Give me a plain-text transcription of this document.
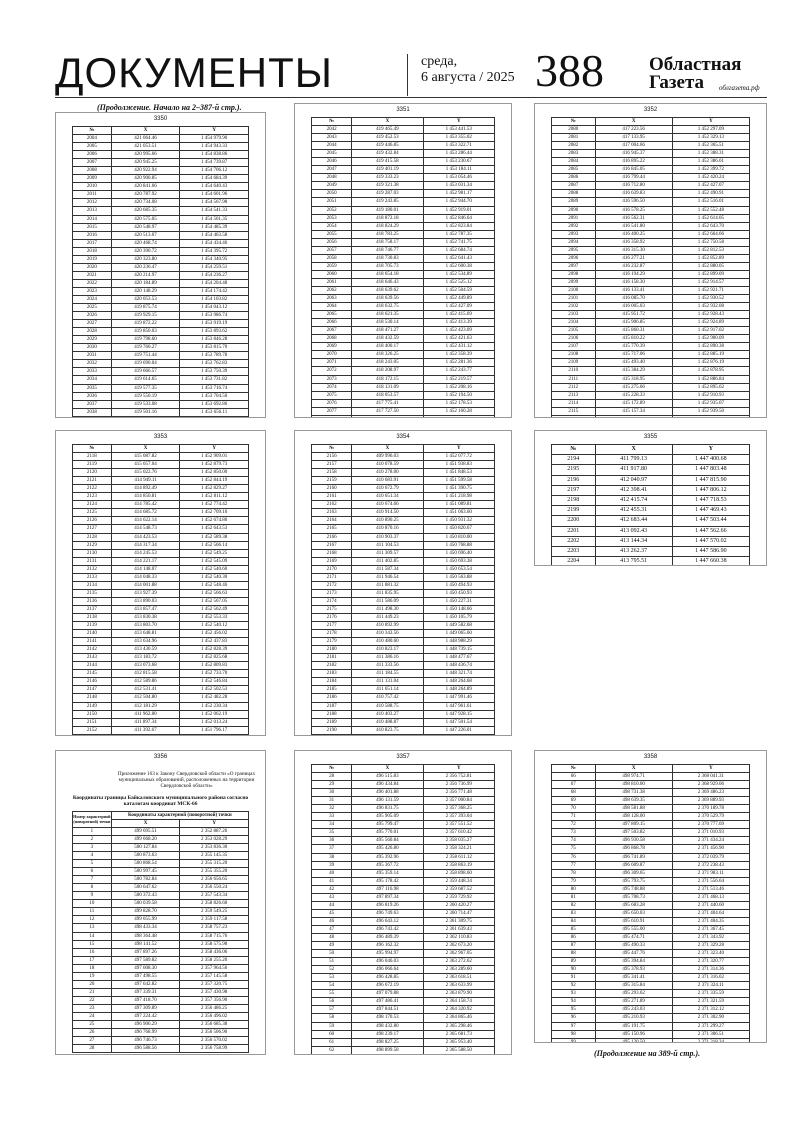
ДОКУМЕНТЫ	среда,
6 августа / 2025 388 Областная
Газета	облгазета.рф
(Продолжение. Начало на 2–387-й стр.).
3350
№	X	Y
2004	421 064.46	1 454 979.90
2005	421 053.51	1 454 943.33
2006	420 995.66	1 454 838.86
2007	420 945.25	1 454 739.87
2008	420 922.94	1 454 706.12
2009	420 900.85	1 454 684.39
2010	420 841.66	1 454 640.43
2011	420 787.92	1 454 601.96
2012	420 734.08	1 454 567.98
2013	420 685.35	1 454 541.33
2014	420 575.05	1 454 501.35
2015	420 548.97	1 454 485.39
2016	420 513.07	1 454 463.58
2017	420 468.74	1 454 434.46
2018	420 390.72	1 454 395.72
2019	420 323.80	1 454 340.95
2020	420 236.47	1 454 259.51
2021	420 214.97	1 454 236.27
2022	420 184.89	1 454 204.48
2023	420 148.29	1 454 174.42
2024	420 053.53	1 454 103.82
2025	419 875.74	1 454 043.12
2026	419 929.15	1 453 986.74
2027	419 872.22	1 453 919.19
2028	419 850.03	1 453 893.62
2029	419 798.60	1 453 846.28
2030	419 760.27	1 453 815.70
2031	419 751.44	1 453 789.78
2032	419 690.04	1 453 762.83
2033	419 666.57	1 453 750.39
2034	419 614.65	1 453 731.82
2035	419 577.35	1 453 716.74
2036	419 550.19	1 453 704.50
2037	419 533.08	1 453 692.86
2038	419 501.16	1 453 656.11

3351
№	X	Y
2042	419 465.49	1 453 441.53
2043	419 452.53	1 453 355.02
2044	419 446.85	1 453 322.71
2045	419 432.84	1 453 286.44
2046	419 415.58	1 453 230.67
2047	419 401.19	1 453 184.11
2048	419 333.23	1 453 054.46
2049	419 321.38	1 453 031.34
2050	419 287.03	1 452 981.17
2051	419 243.85	1 452 944.70
2052	419 180.01	1 452 919.01
2053	418 872.18	1 452 846.64
2054	418 824.29	1 452 823.84
2055	418 783.25	1 452 787.35
2056	418 758.17	1 452 741.75
2057	418 746.77	1 452 684.74
2058	418 730.83	1 452 641.43
2059	418 705.73	1 452 600.38
2060	418 654.18	1 452 534.89
2061	418 646.43	1 452 525.12
2062	418 639.62	1 452 504.59
2063	418 639.56	1 452 449.89
2064	418 632.75	1 452 427.09
2065	418 621.35	1 452 415.69
2066	418 530.14	1 452 413.39
2067	418 471.27	1 452 423.09
2068	418 432.59	1 452 421.63
2069	418 400.17	1 452 431.12
2070	418 326.25	1 452 358.39
2071	418 243.05	1 452 281.36
2072	418 208.97	1 452 243.77
2073	418 172.15	1 452 219.57
2074	418 131.09	1 452 208.16
2075	418 053.57	1 452 194.50
2076	417 775.41	1 452 178.53
2077	417 727.50	1 452 160.28

3352
№	X	Y
2080	417 223.56	1 452 297.09
2081	417 133.95	1 452 329.13
2082	417 004.66	1 452 365.51
2083	416 945.37	1 452 388.31
2084	416 895.22	1 452 386.01
2085	416 845.05	1 452 399.72
2086	416 799.44	1 452 420.24
2087	416 712.80	1 452 427.07
2088	416 639.83	1 452 490.91
2089	416 596.50	1 452 516.01
2090	416 578.25	1 452 552.48
2091	416 562.31	1 452 614.05
2092	416 541.80	1 452 643.70
2093	416 400.25	1 452 664.66
2094	416 358.92	1 452 750.58
2095	416 315.30	1 452 812.53
2096	416 277.21	1 452 852.89
2097	416 232.87	1 452 880.05
2098	416 194.29	1 452 899.09
2099	416 158.30	1 452 914.57
2100	416 133.41	1 452 921.71
2101	416 085.70	1 452 930.52
2102	416 005.03	1 452 932.08
2103	415 951.72	1 452 928.43
2104	415 906.85	1 452 924.89
2105	415 860.31	1 452 917.02
2106	415 810.22	1 452 900.09
2107	415 770.39	1 452 890.38
2108	415 717.06	1 452 885.19
2109	415 493.40	1 452 876.19
2110	415 384.29	1 452 878.95
2111	415 318.95	1 452 886.84
2112	415 275.66	1 452 895.62
2113	415 228.33	1 452 910.93
2114	415 172.89	1 452 935.07
2115	415 157.34	1 452 939.50

3353
№	X	Y
2118	415 087.82	1 452 909.01
2119	415 057.04	1 452 879.73
2120	415 022.76	1 452 850.00
2121	414 949.11	1 452 844.19
2122	414 892.49	1 452 829.27
2123	414 850.81	1 452 811.12
2124	414 785.42	1 452 774.42
2125	414 685.72	1 452 709.10
2126	414 622.14	1 452 674.80
2127	414 548.73	1 452 643.53
2128	414 423.53	1 452 589.38
2129	414 317.34	1 452 566.14
2130	414 245.53	1 452 549.25
2131	414 221.17	1 452 545.09
2132	414 148.07	1 452 540.60
2133	414 048.33	1 452 540.30
2134	414 001.88	1 452 548.46
2135	413 927.39	1 452 566.63
2136	413 890.03	1 452 567.05
2137	413 857.47	1 452 562.49
2138	413 830.38	1 452 553.33
2139	413 803.70	1 452 540.12
2140	413 648.81	1 452 456.02
2141	413 634.96	1 452 437.83
2142	413 430.59	1 452 828.39
2143	413 183.72	1 452 825.68
2144	413 073.68	1 452 809.83
2145	412 815.58	1 452 733.70
2146	412 589.86	1 452 546.84
2147	412 531.41	1 452 502.53
2148	412 504.80	1 452 482.28
2149	412 181.29	1 452 230.34
2150	411 962.80	1 452 062.19
2151	411 897.34	1 452 013.24
2152	411 392.67	1 451 796.17

3354
№	X	Y
2156	409 996.03	1 452 077.72
2157	410 078.59	1 451 938.83
2158	410 278.00	1 451 848.53
2159	410 683.91	1 451 599.58
2160	410 672.79	1 451 390.75
2161	410 651.34	1 451 218.98
2162	410 674.66	1 451 089.81
2163	410 914.50	1 451 063.60
2164	410 890.25	1 450 931.32
2165	410 870.16	1 450 820.67
2166	410 903.37	1 450 810.00
2167	411 104.53	1 450 768.88
2168	411 309.57	1 450 696.40
2169	411 402.85	1 450 693.38
2170	411 587.34	1 450 653.54
2171	411 946.54	1 450 563.88
2172	411 881.32	1 450 494.93
2173	411 835.95	1 450 450.93
2174	411 586.09	1 450 227.31
2175	411 498.30	1 450 148.66
2176	411 449.23	1 450 105.79
2177	410 892.99	1 449 582.68
2178	410 343.56	1 449 065.60
2179	410 480.60	1 448 988.29
2180	410 823.17	1 448 739.15
2181	411 386.16	1 448 477.67
2182	411 333.56	1 448 436.74
2183	411 184.55	1 448 321.74
2184	411 131.04	1 448 264.68
2185	411 651.14	1 448 264.89
2186	410 757.42	1 447 991.46
2187	410 588.75	1 447 961.61
2188	410 403.27	1 447 928.15
2189	410 488.87	1 447 501.54
2190	410 823.75	1 447 226.01

3355
№	X	Y
2194	411 799.13	1 447 400.68
2195	411 917.80	1 447 803.48
2196	412 040.97	1 447 815.90
2197	412 398.41	1 447 806.12
2198	412 415.74	1 447 718.53
2199	412 455.31	1 447 469.43
2200	412 683.44	1 447 503.44
2201	413 092.43	1 447 562.66
2202	413 144.34	1 447 570.02
2203	413 262.37	1 447 586.90
2204	413 795.51	1 447 660.38

3356
Приложение 163 к Закону Свердловской области «О границах муниципальных образований, расположенных на территории Свердловской области»
Координаты границы Байкаловского муниципального района согласно каталогам координат МСК-66
Номер характерной (поворотной) точки	Координаты характерной (поворотной) точки	
	X	Y
1	499 695.51	2 352 887.26
2	499 668.20	2 353 028.29
3	500 127.84	2 353 836.30
4	500 873.63	2 355 145.35
5	500 868.54	2 355 315.20
6	500 997.45	2 355 355.20
7	500 782.84	2 356 656.65
8	500 647.62	2 356 550.24
9	500 372.43	2 357 543.34
10	500 039.58	2 358 826.60
11	499 828.70	2 359 549.25
12	499 055.99	2 359 117.58
13	498 433.34	2 358 757.23
14	498 364.48	2 358 715.76
15	498 141.52	2 358 575.98
16	497 897.26	2 358 436.06
17	497 589.82	2 358 255.20
18	497 608.30	2 357 964.56
19	497 498.55	2 357 145.58
20	497 642.82	2 357 320.75
21	497 339.31	2 357 430.98
22	497 418.70	2 357 356.90
23	497 309.89	2 356 486.25
24	497 224.42	2 356 496.02
25	496 906.29	2 356 685.38
26	496 768.99	2 356 506.90
27	496 746.73	2 356 570.02
28	496 588.56	2 356 758.99
3357
№	X	Y
28	496 515.83	2 356 752.81
29	496 434.84	2 356 736.99
30	496 401.88	2 356 771.48
31	496 131.59	2 357 000.84
32	496 831.75	2 357 368.25
33	495 905.09	2 357 393.04
34	495 799.47	2 357 551.52
35	495 770.01	2 357 610.42
36	495 560.84	2 358 035.27
37	495 426.80	2 358 324.21
38	495 392.96	2 358 611.12
39	495 367.72	2 358 863.19
40	495 359.14	2 358 898.60
41	495 178.42	2 359 448.34
42	497 116.98	2 359 687.52
43	497 897.34	2 359 729.92
44	496 819.26	2 360 420.27
45	496 749.63	2 360 714.47
46	496 643.12	2 361 309.75
47	496 743.42	2 361 639.43
48	496 489.39	2 362 110.83
49	496 162.32	2 362 673.20
50	495 994.97	2 362 967.05
51	496 046.03	2 363 272.62
52	496 066.64	2 363 289.60
53	496 428.85	2 363 618.51
54	496 672.19	2 363 633.99
55	497 079.88	2 363 879.90
56	497 486.41	2 364 158.74
57	497 844.51	2 364 320.92
58	498 170.53	2 364 865.46
59	498 432.80	2 365 298.46
60	498 239.17	2 365 681.73
61	498 827.25	2 365 953.40
62	498 899.58	2 365 588.50

3358
№	X	Y
66	498 974.71	2 368 041.31
67	498 810.00	2 368 929.06
68	498 731.38	2 369 486.23
69	498 639.35	2 369 889.93
70	498 581.88	2 370 189.78
71	498 128.00	2 370 529.79
72	497 809.15	2 370 777.69
73	497 503.82	2 371 010.93
74	496 930.58	2 371 434.24
75	496 868.78	2 371 456.90
76	496 741.89	2 372 039.79
77	496 609.87	2 372 238.43
78	496 309.65	2 371 983.11
79	495 793.75	2 371 556.64
80	495 748.88	2 371 513.46
81	495 708.73	2 371 468.13
82	495 683.28	2 371 440.60
83	495 650.03	2 371 404.64
84	495 610.91	2 371 404.35
85	495 555.00	2 371 367.45
86	495 474.71	2 371 343.92
87	495 490.33	2 371 329.28
88	495 447.76	2 371 323.40
89	495 394.84	2 371 320.77
90	495 378.93	2 371 314.36
91	495 341.41	2 371 316.02
92	495 315.84	2 371 324.11
93	495 293.62	2 371 335.59
94	495 271.89	2 371 321.59
95	495 243.03	2 371 312.12
96	495 210.93	2 371 302.90
97	495 191.75	2 371 299.27
98	495 150.96	2 371 306.51
99	495 120.50	2 371 318.34

(Продолжение на 389-й стр.).
